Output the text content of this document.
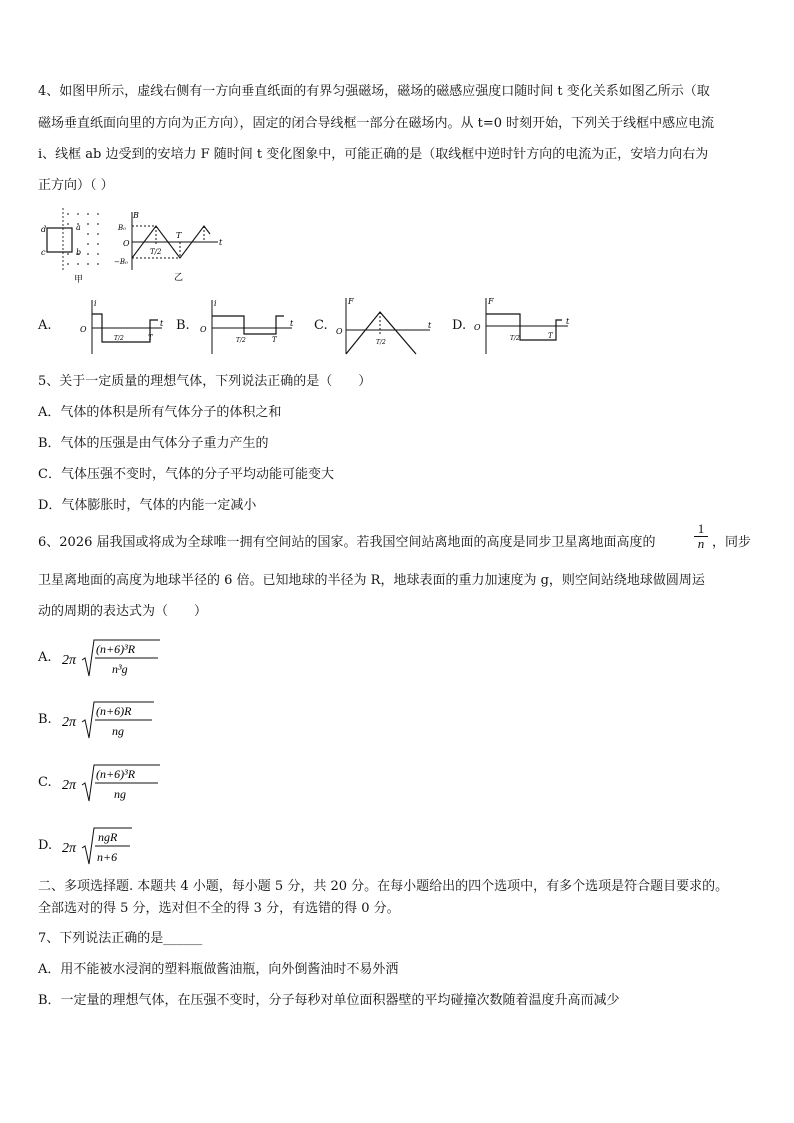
4、如图甲所示，虚线右侧有一方向垂直纸面的有界匀强磁场，磁场的磁感应强度口随时间 t 变化关系如图乙所示（取
磁场垂直纸面向里的方向为正方向），固定的闭合导线框一部分在磁场内。从 t=0 时刻开始，下列关于线框中感应电流
i、线框 ab 边受到的安培力 F 随时间 t 变化图象中，可能正确的是（取线框中逆时针方向的电流为正，安培力向右为
正方向）（ ）
d	a
c	b
甲
B
B₀
O
−B₀
t
T/2
T
乙
A.
i
O
t
T/2	T
B.
i
O
t
T/2	T
C.
F
O
t
T/2
D.
F
O
t
T/2	T
5、关于一定质量的理想气体，下列说法正确的是（　　）
A．气体的体积是所有气体分子的体积之和
B．气体的压强是由气体分子重力产生的
C．气体压强不变时，气体的分子平均动能可能变大
D．气体膨胀时，气体的内能一定减小
6、2026 届我国或将成为全球唯一拥有空间站的国家。若我国空间站离地面的高度是同步卫星离地面高度的	$\frac{1}{n}$ ，同步
卫星离地面的高度为地球半径的 6 倍。已知地球的半径为 R，地球表面的重力加速度为 g，则空间站绕地球做圆周运
动的周期的表达式为（　　）
A. 2π
(n+6)³R
n³g
B. 2π
(n+6)R
ng
C. 2π
(n+6)³R
ng
D. 2π
ngR
n+6
二、多项选择题. 本题共 4 小题，每小题 5 分，共 20 分。在每小题给出的四个选项中，有多个选项是符合题目要求的。
全部选对的得 5 分，选对但不全的得 3 分，有选错的得 0 分。
7、下列说法正确的是______
A．用不能被水浸润的塑料瓶做酱油瓶，向外倒酱油时不易外洒
B．一定量的理想气体，在压强不变时，分子每秒对单位面积器壁的平均碰撞次数随着温度升高而减少
